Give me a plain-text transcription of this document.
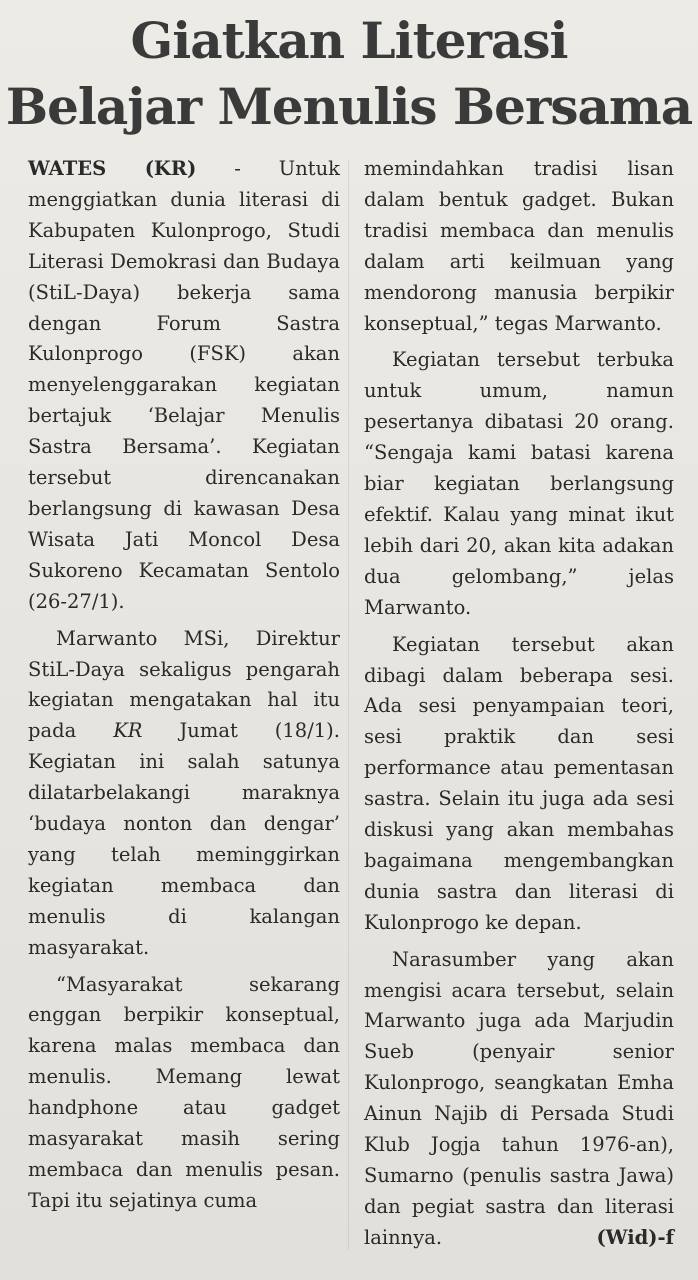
Giatkan Literasi
Belajar Menulis Bersama

WATES (KR) - Untuk menggiatkan dunia literasi di Kabupaten Kulonprogo, Studi Literasi Demokrasi dan Budaya (StiL-Daya) bekerja sama dengan Forum Sastra Kulonprogo (FSK) akan menyelenggarakan kegiatan bertajuk ‘Belajar Menulis Sastra Bersama’. Kegiatan tersebut direncanakan berlangsung di kawasan Desa Wisata Jati Moncol Desa Sukoreno Kecamatan Sentolo (26-27/1).

Marwanto MSi, Direktur StiL-Daya sekaligus pengarah kegiatan mengatakan hal itu pada KR Jumat (18/1). Kegiatan ini salah satunya dilatarbelakangi maraknya ‘budaya nonton dan dengar’ yang telah meminggirkan kegiatan membaca dan menulis di kalangan masyarakat.

“Masyarakat sekarang enggan berpikir konseptual, karena malas membaca dan menulis. Memang lewat handphone atau gadget masyarakat masih sering membaca dan menulis pesan. Tapi itu sejatinya cuma

memindahkan tradisi lisan dalam bentuk gadget. Bukan tradisi membaca dan menulis dalam arti keilmuan yang mendorong manusia berpikir konseptual,” tegas Marwanto.

Kegiatan tersebut terbuka untuk umum, namun pesertanya dibatasi 20 orang. “Sengaja kami batasi karena biar kegiatan berlangsung efektif. Kalau yang minat ikut lebih dari 20, akan kita adakan dua gelombang,” jelas Marwanto.

Kegiatan tersebut akan dibagi dalam beberapa sesi. Ada sesi penyampaian teori, sesi praktik dan sesi performance atau pementasan sastra. Selain itu juga ada sesi diskusi yang akan membahas bagaimana mengembangkan dunia sastra dan literasi di Kulonprogo ke depan.

Narasumber yang akan mengisi acara tersebut, selain Marwanto juga ada Marjudin Sueb (penyair senior Kulonprogo, seangkatan Emha Ainun Najib di Persada Studi Klub Jogja tahun 1976-an), Sumarno (penulis sastra Jawa) dan pegiat sastra dan literasi lainnya.	(Wid)-f
